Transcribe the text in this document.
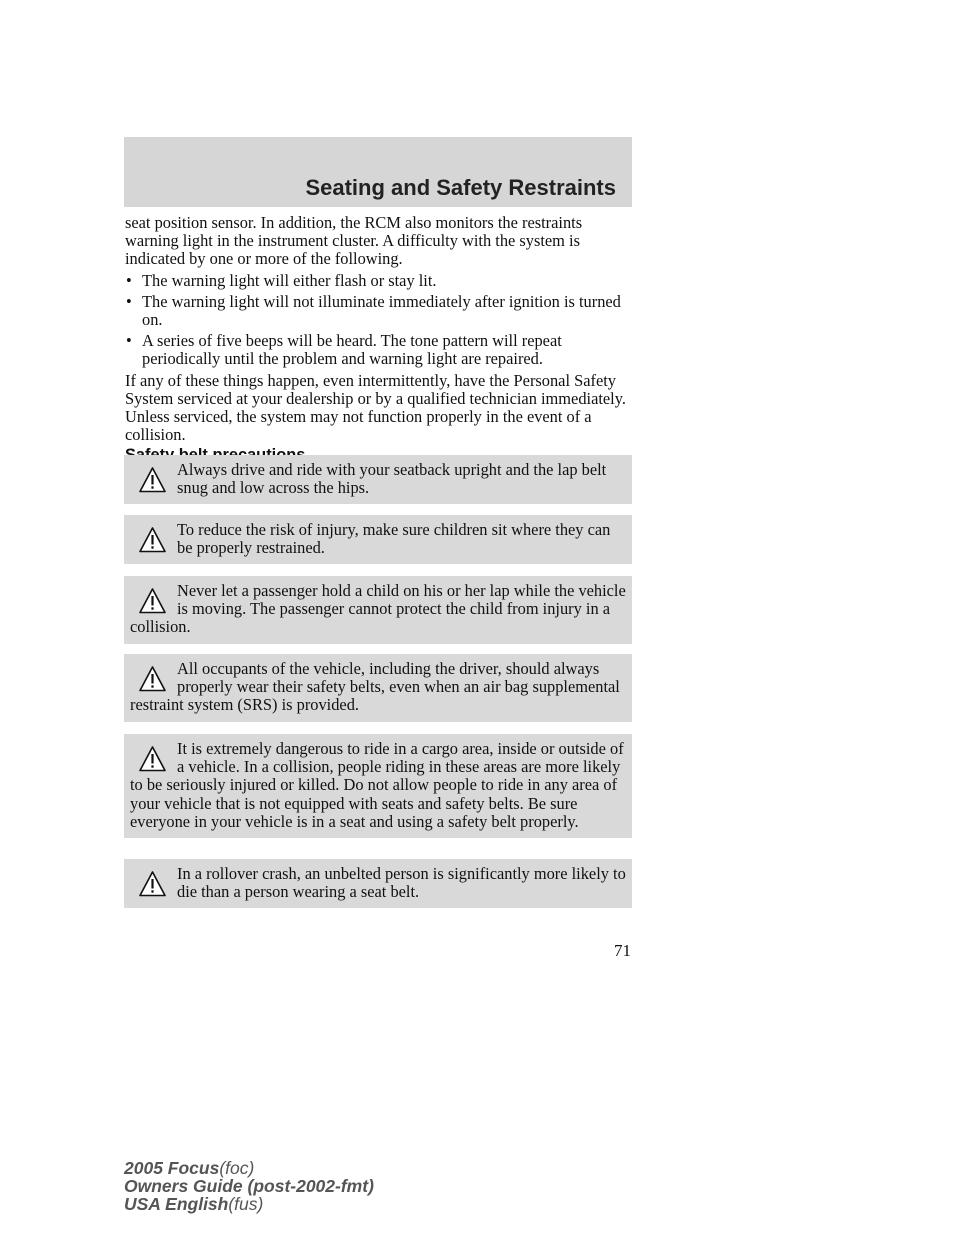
Seating and Safety Restraints

seat position sensor. In addition, the RCM also monitors the restraints warning light in the instrument cluster. A difficulty with the system is indicated by one or more of the following.

• The warning light will either flash or stay lit.
• The warning light will not illuminate immediately after ignition is turned on.
• A series of five beeps will be heard. The tone pattern will repeat periodically until the problem and warning light are repaired.

If any of these things happen, even intermittently, have the Personal Safety System serviced at your dealership or by a qualified technician immediately. Unless serviced, the system may not function properly in the event of a collision.

Always drive and ride with your seatback upright and the lap belt snug and low across the hips.

To reduce the risk of injury, make sure children sit where they can be properly restrained.

Never let a passenger hold a child on his or her lap while the vehicle is moving. The passenger cannot protect the child from injury in a collision.

All occupants of the vehicle, including the driver, should always properly wear their safety belts, even when an air bag supplemental restraint system (SRS) is provided.

It is extremely dangerous to ride in a cargo area, inside or outside of a vehicle. In a collision, people riding in these areas are more likely to be seriously injured or killed. Do not allow people to ride in any area of your vehicle that is not equipped with seats and safety belts. Be sure everyone in your vehicle is in a seat and using a safety belt properly.

In a rollover crash, an unbelted person is significantly more likely to die than a person wearing a seat belt.

71
2005 Focus(foc)
Owners Guide (post-2002-fmt)
USA English(fus)
